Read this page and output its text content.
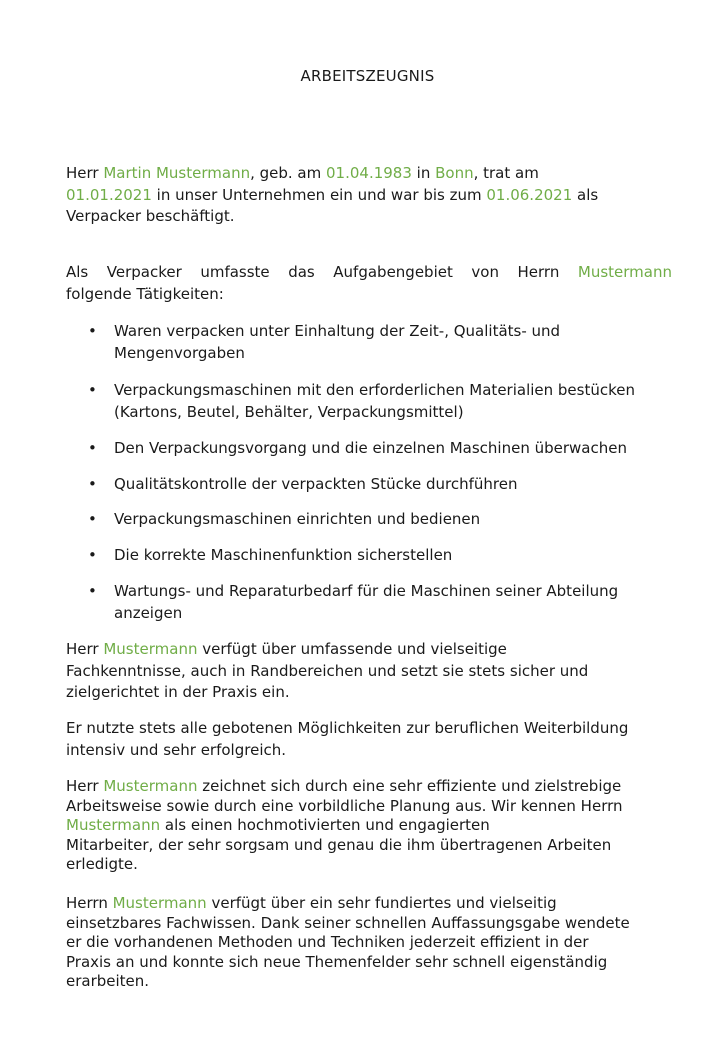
ARBEITSZEUGNIS

Herr Martin Mustermann, geb. am 01.04.1983 in Bonn, trat am
01.01.2021 in unser Unternehmen ein und war bis zum 01.06.2021 als
Verpacker beschäftigt.

Als Verpacker umfasste das Aufgabengebiet von Herrn Mustermann
folgende Tätigkeiten:

• Waren verpacken unter Einhaltung der Zeit-, Qualitäts- und
Mengenvorgaben
• Verpackungsmaschinen mit den erforderlichen Materialien bestücken
(Kartons, Beutel, Behälter, Verpackungsmittel)
• Den Verpackungsvorgang und die einzelnen Maschinen überwachen
• Qualitätskontrolle der verpackten Stücke durchführen
• Verpackungsmaschinen einrichten und bedienen
• Die korrekte Maschinenfunktion sicherstellen
• Wartungs- und Reparaturbedarf für die Maschinen seiner Abteilung
anzeigen

Herr Mustermann verfügt über umfassende und vielseitige
Fachkenntnisse, auch in Randbereichen und setzt sie stets sicher und
zielgerichtet in der Praxis ein.

Er nutzte stets alle gebotenen Möglichkeiten zur beruflichen Weiterbildung
intensiv und sehr erfolgreich.

Herr Mustermann zeichnet sich durch eine sehr effiziente und zielstrebige
Arbeitsweise sowie durch eine vorbildliche Planung aus. Wir kennen Herrn
Mustermann als einen hochmotivierten und engagierten
Mitarbeiter, der sehr sorgsam und genau die ihm übertragenen Arbeiten
erledigte.

Herrn Mustermann verfügt über ein sehr fundiertes und vielseitig
einsetzbares Fachwissen. Dank seiner schnellen Auffassungsgabe wendete
er die vorhandenen Methoden und Techniken jederzeit effizient in der
Praxis an und konnte sich neue Themenfelder sehr schnell eigenständig
erarbeiten.
